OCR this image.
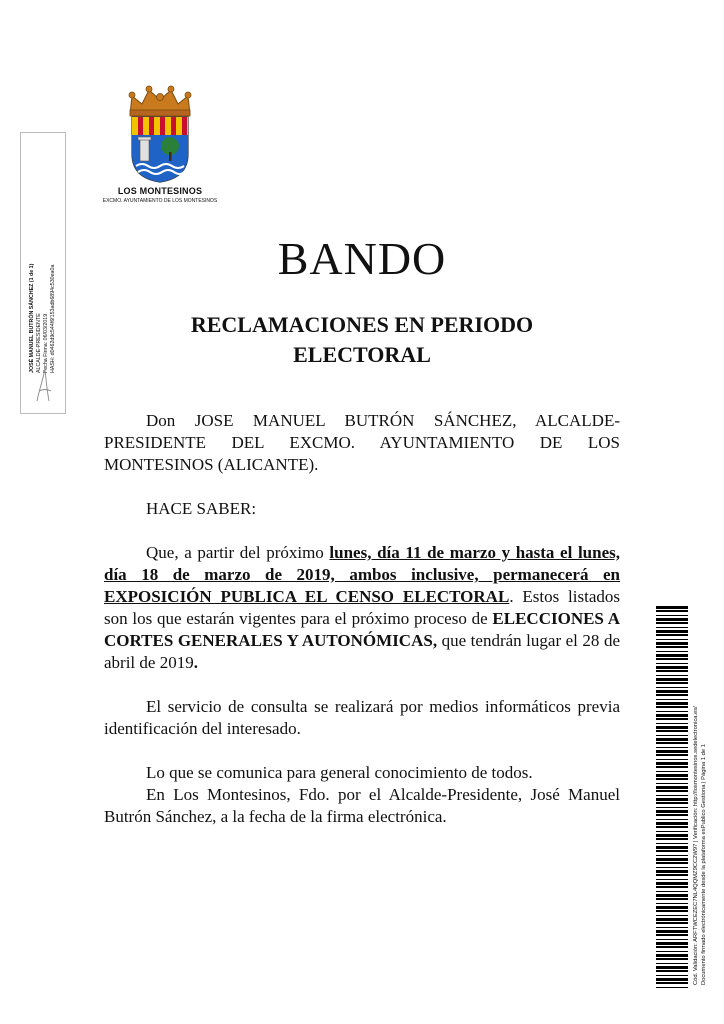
LOS MONTESINOS
EXCMO. AYUNTAMIENTO DE LOS MONTESINOS
JOSÉ MANUEL BUTRÓN SÁNCHEZ (1 de 1) ALCALDE-PRESIDENTE Fecha Firma: 06/03/2019 HASH: d0462d9c544f6f153adb6894c530ea0a
BANDO
RECLAMACIONES EN PERIODO
ELECTORAL

Don JOSE MANUEL BUTRÓN SÁNCHEZ, ALCALDE-PRESIDENTE DEL EXCMO. AYUNTAMIENTO DE LOS MONTESINOS (ALICANTE).

HACE SABER:

Que, a partir del próximo lunes, día 11 de marzo y hasta el lunes, día 18 de marzo de 2019, ambos inclusive, permanecerá en EXPOSICIÓN PUBLICA EL CENSO ELECTORAL. Estos listados son los que estarán vigentes para el próximo proceso de ELECCIONES A CORTES GENERALES Y AUTONÓMICAS, que tendrán lugar el 28 de abril de 2019.

El servicio de consulta se realizará por medios informáticos previa identificación del interesado.

Lo que se comunica para general conocimiento de todos.

En Los Montesinos, Fdo. por el Alcalde-Presidente, José Manuel Butrón Sánchez, a la fecha de la firma electrónica.	Cód. Validación: ARFTWCEZEC7NL4QQMZ9CC2W97 | Verificación: http://losmontesinos.sedelectronica.es/ Documento firmado electrónicamente desde la plataforma esPublico Gestiona | Página 1 de 1
